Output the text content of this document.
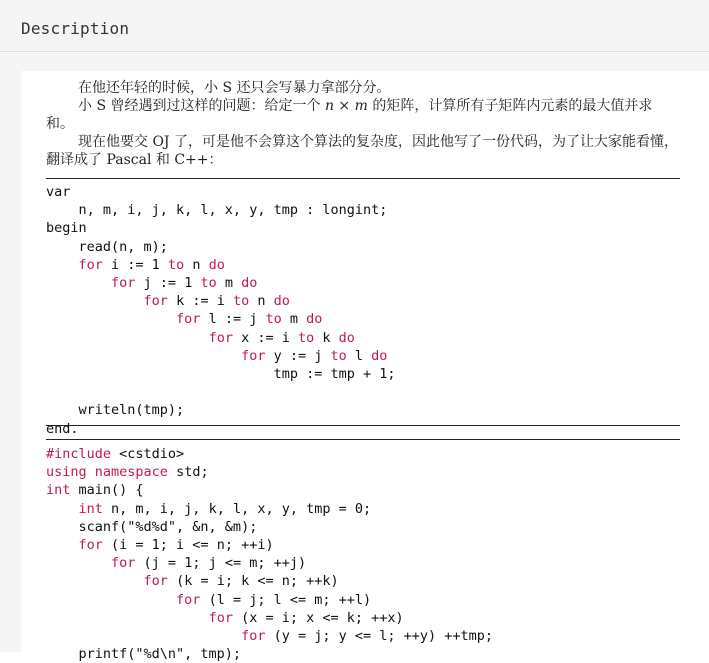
Description

在他还年轻的时候，小 S 还只会写暴力拿部分分。

小 S 曾经遇到过这样的问题：给定一个 n × m 的矩阵，计算所有子矩阵内元素的最大值并求和。

现在他要交 OJ 了，可是他不会算这个算法的复杂度，因此他写了一份代码，为了让大家能看懂，翻译成了 Pascal 和 C++：

var
n, m, i, j, k, l, x, y, tmp : longint;
begin
read(n, m);
for i := 1 to n do
for j := 1 to m do
for k := i to n do
for l := j to m do
for x := i to k do
for y := j to l do
tmp := tmp + 1;

writeln(tmp);
end.
#include <cstdio>
using namespace std;
int main() {
int n, m, i, j, k, l, x, y, tmp = 0;
scanf("%d%d", &n, &m);
for (i = 1; i <= n; ++i)
for (j = 1; j <= m; ++j)
for (k = i; k <= n; ++k)
for (l = j; l <= m; ++l)
for (x = i; x <= k; ++x)
for (y = j; y <= l; ++y) ++tmp;
printf("%d\n", tmp);
